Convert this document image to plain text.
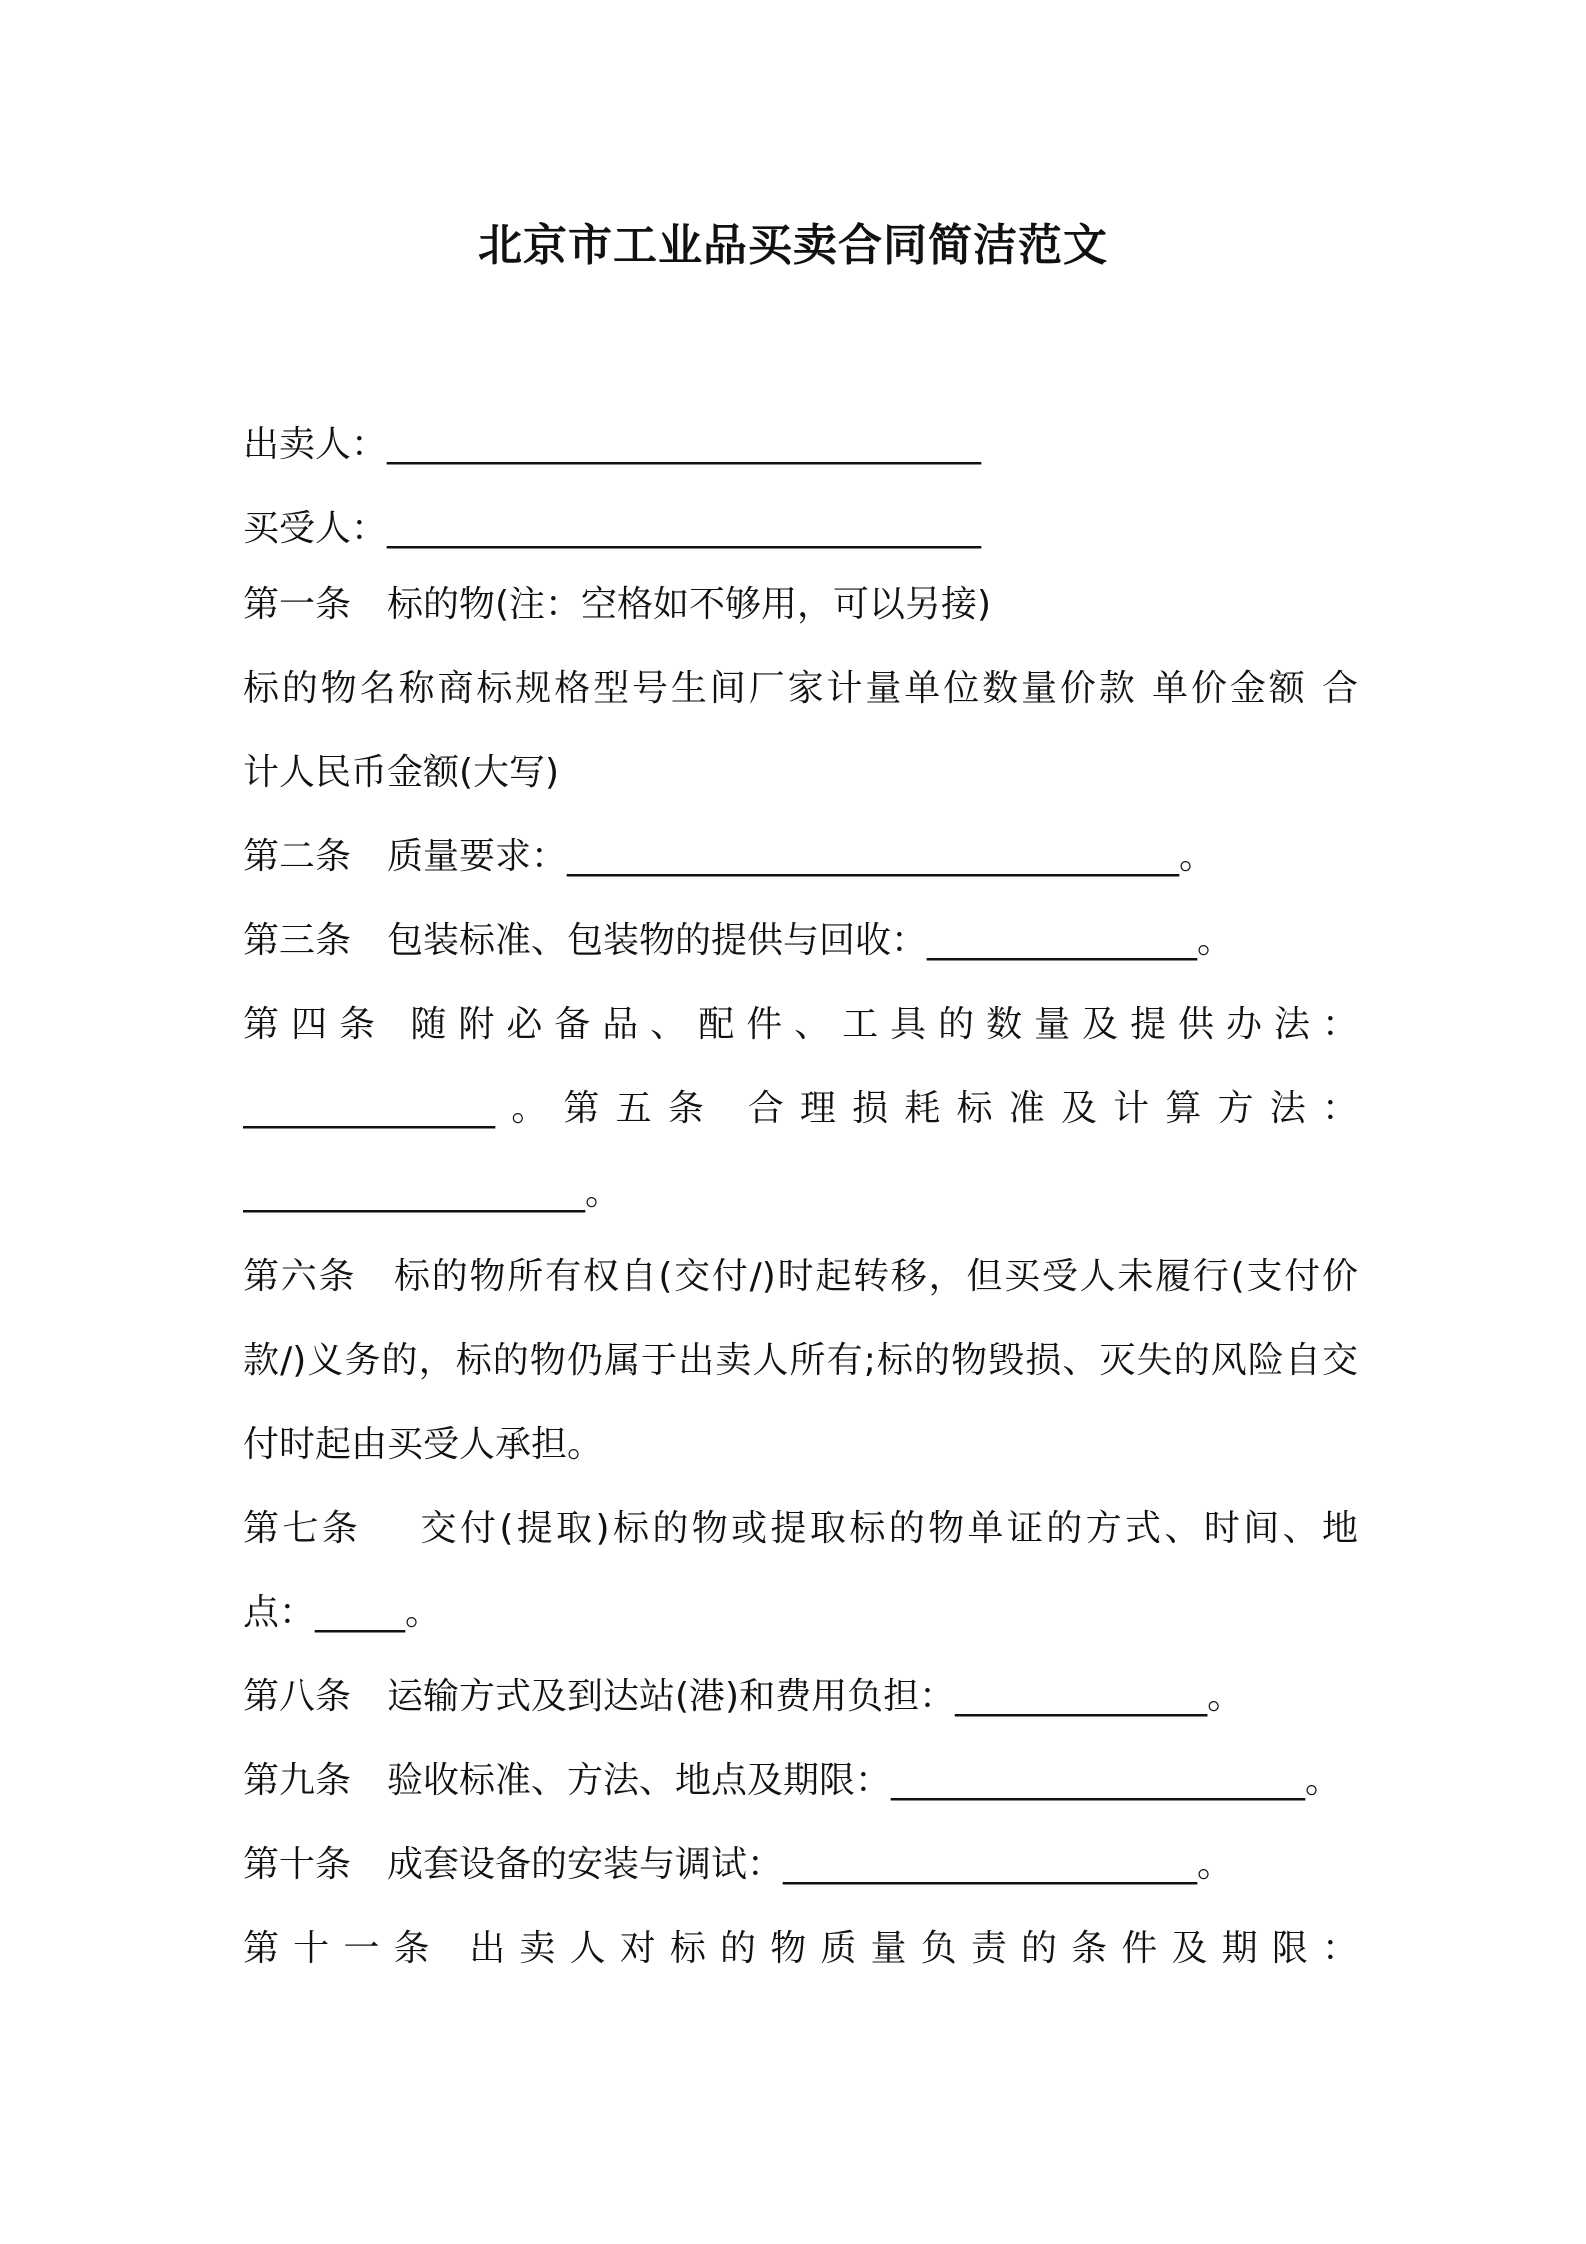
北京市工业品买卖合同简洁范文
出卖人：_________________________________
买受人：_________________________________
第一条 标的物(注：空格如不够用，可以另接)
标的物名称商标规格型号生间厂家计量单位数量价款 单价金额 合
计人民币金额(大写)
第二条 质量要求：__________________________________。
第三条 包装标准、包装物的提供与回收：_______________。
第四条 随附必备品、配件、工具的数量及提供办法：
______________。第五条 合理损耗标准及计算方法：
___________________。
第六条 标的物所有权自(交付/)时起转移，但买受人未履行(支付价
款/)义务的，标的物仍属于出卖人所有;标的物毁损、灭失的风险自交
付时起由买受人承担。
第七条 交付(提取)标的物或提取标的物单证的方式、时间、地
点：_____。
第八条 运输方式及到达站(港)和费用负担：______________。
第九条 验收标准、方法、地点及期限：_______________________。
第十条 成套设备的安装与调试：_______________________。
第十一条 出卖人对标的物质量负责的条件及期限：
